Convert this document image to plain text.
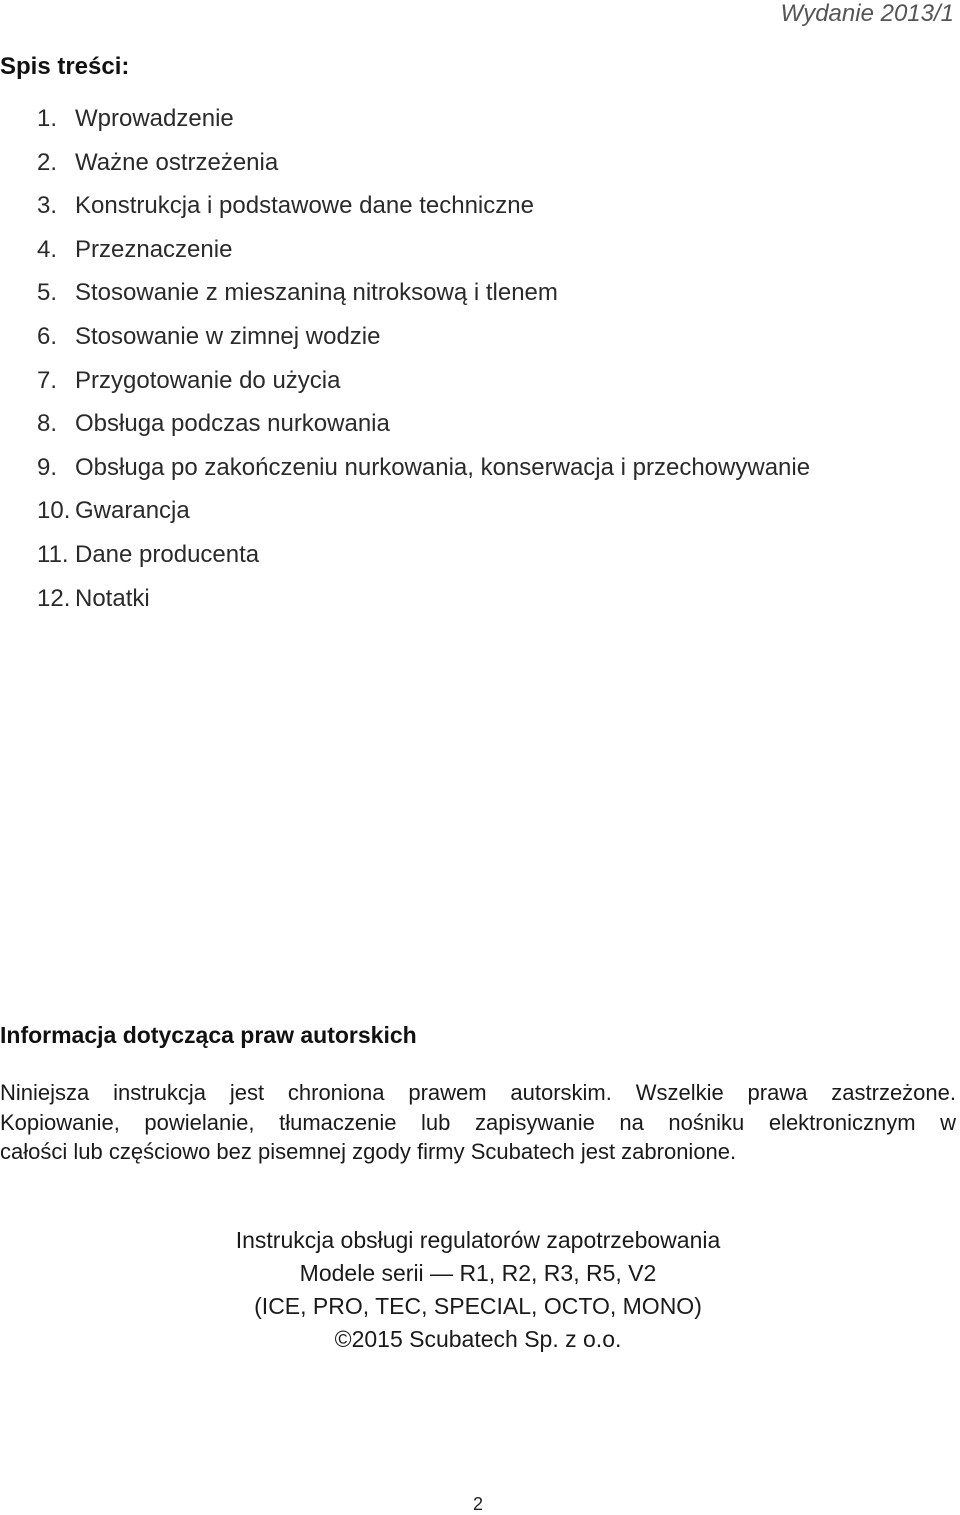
Wydanie 2013/1
Spis treści:
1. Wprowadzenie
2. Ważne ostrzeżenia
3. Konstrukcja i podstawowe dane techniczne
4. Przeznaczenie
5. Stosowanie z mieszaniną nitroksową i tlenem
6. Stosowanie w zimnej wodzie
7. Przygotowanie do użycia
8. Obsługa podczas nurkowania
9. Obsługa po zakończeniu nurkowania, konserwacja i przechowywanie
10. Gwarancja
11. Dane producenta
12. Notatki
Informacja dotycząca praw autorskich
Niniejsza instrukcja jest chroniona prawem autorskim. Wszelkie prawa zastrzeżone.
Kopiowanie, powielanie, tłumaczenie lub zapisywanie na nośniku elektronicznym w
całości lub częściowo bez pisemnej zgody firmy Scubatech jest zabronione.
Instrukcja obsługi regulatorów zapotrzebowania
Modele serii — R1, R2, R3, R5, V2
(ICE, PRO, TEC, SPECIAL, OCTO, MONO)
©2015 Scubatech Sp. z o.o.
2
